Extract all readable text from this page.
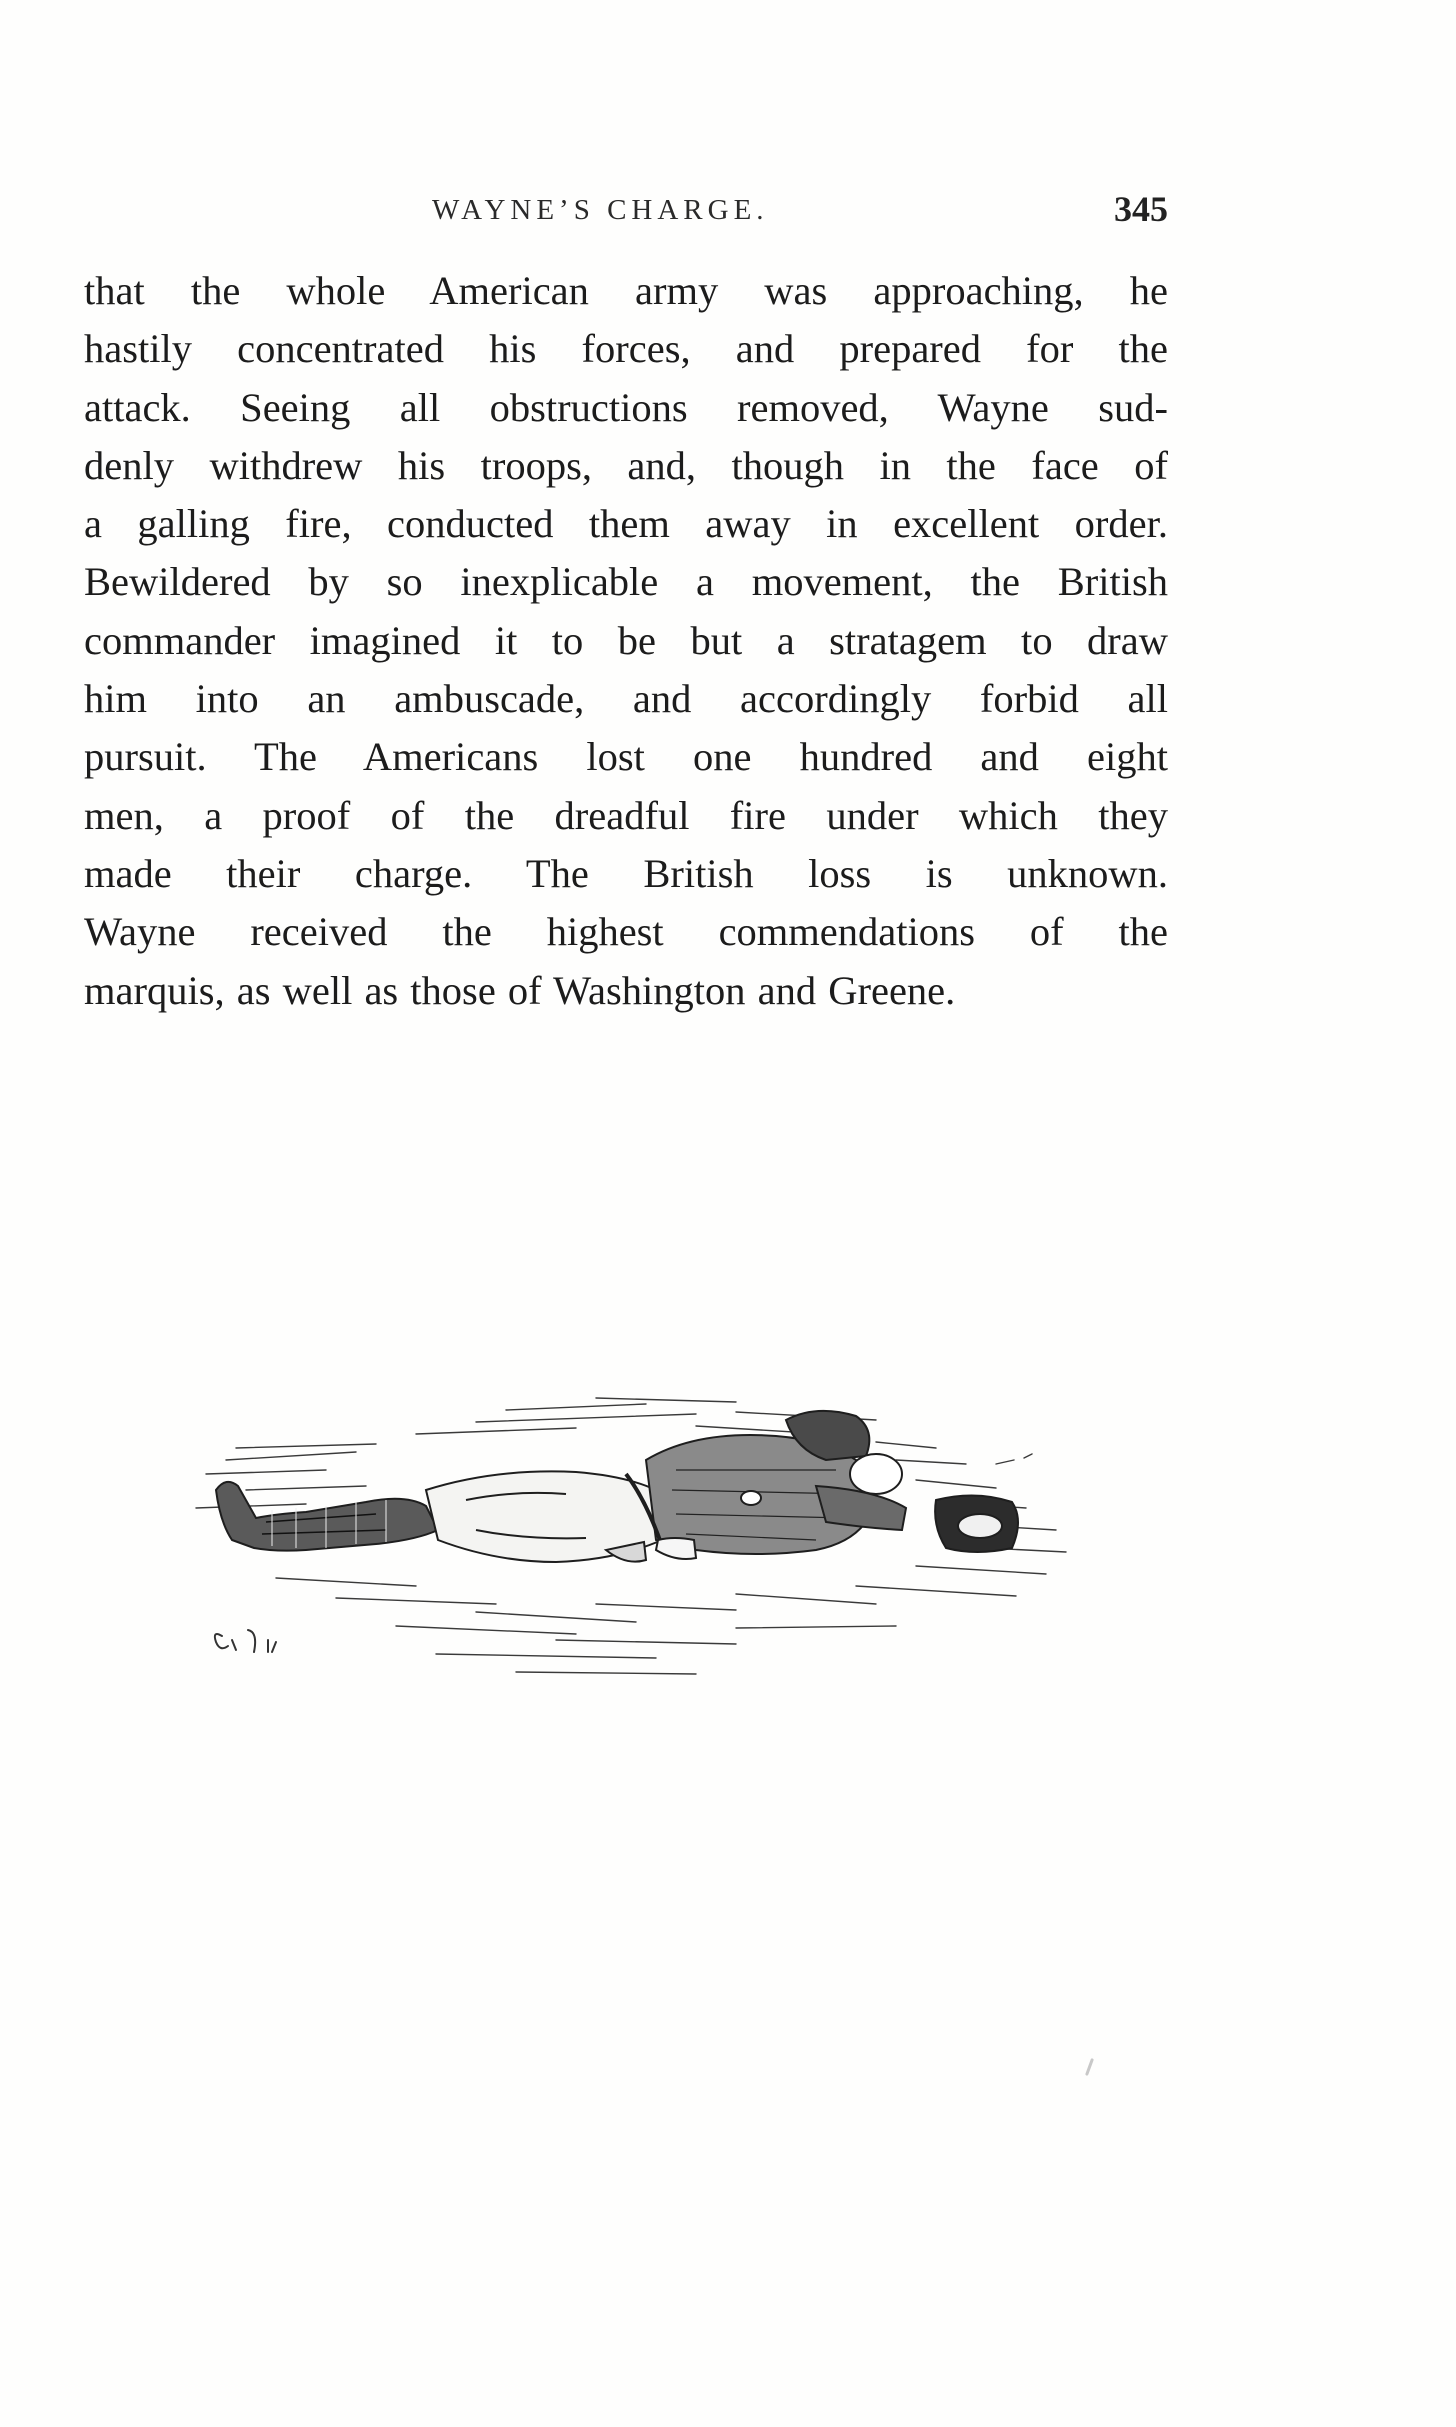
WAYNE’S CHARGE.	345
that the whole American army was approaching, he
hastily concentrated his forces, and prepared for the
attack. Seeing all obstructions removed, Wayne sud-
denly withdrew his troops, and, though in the face of
a galling fire, conducted them away in excellent order.
Bewildered by so inexplicable a movement, the British
commander imagined it to be but a stratagem to draw
him into an ambuscade, and accordingly forbid all
pursuit. The Americans lost one hundred and eight
men, a proof of the dreadful fire under which they
made their charge. The British loss is unknown.
Wayne received the highest commendations of the
marquis, as well as those of Washington and Greene.
